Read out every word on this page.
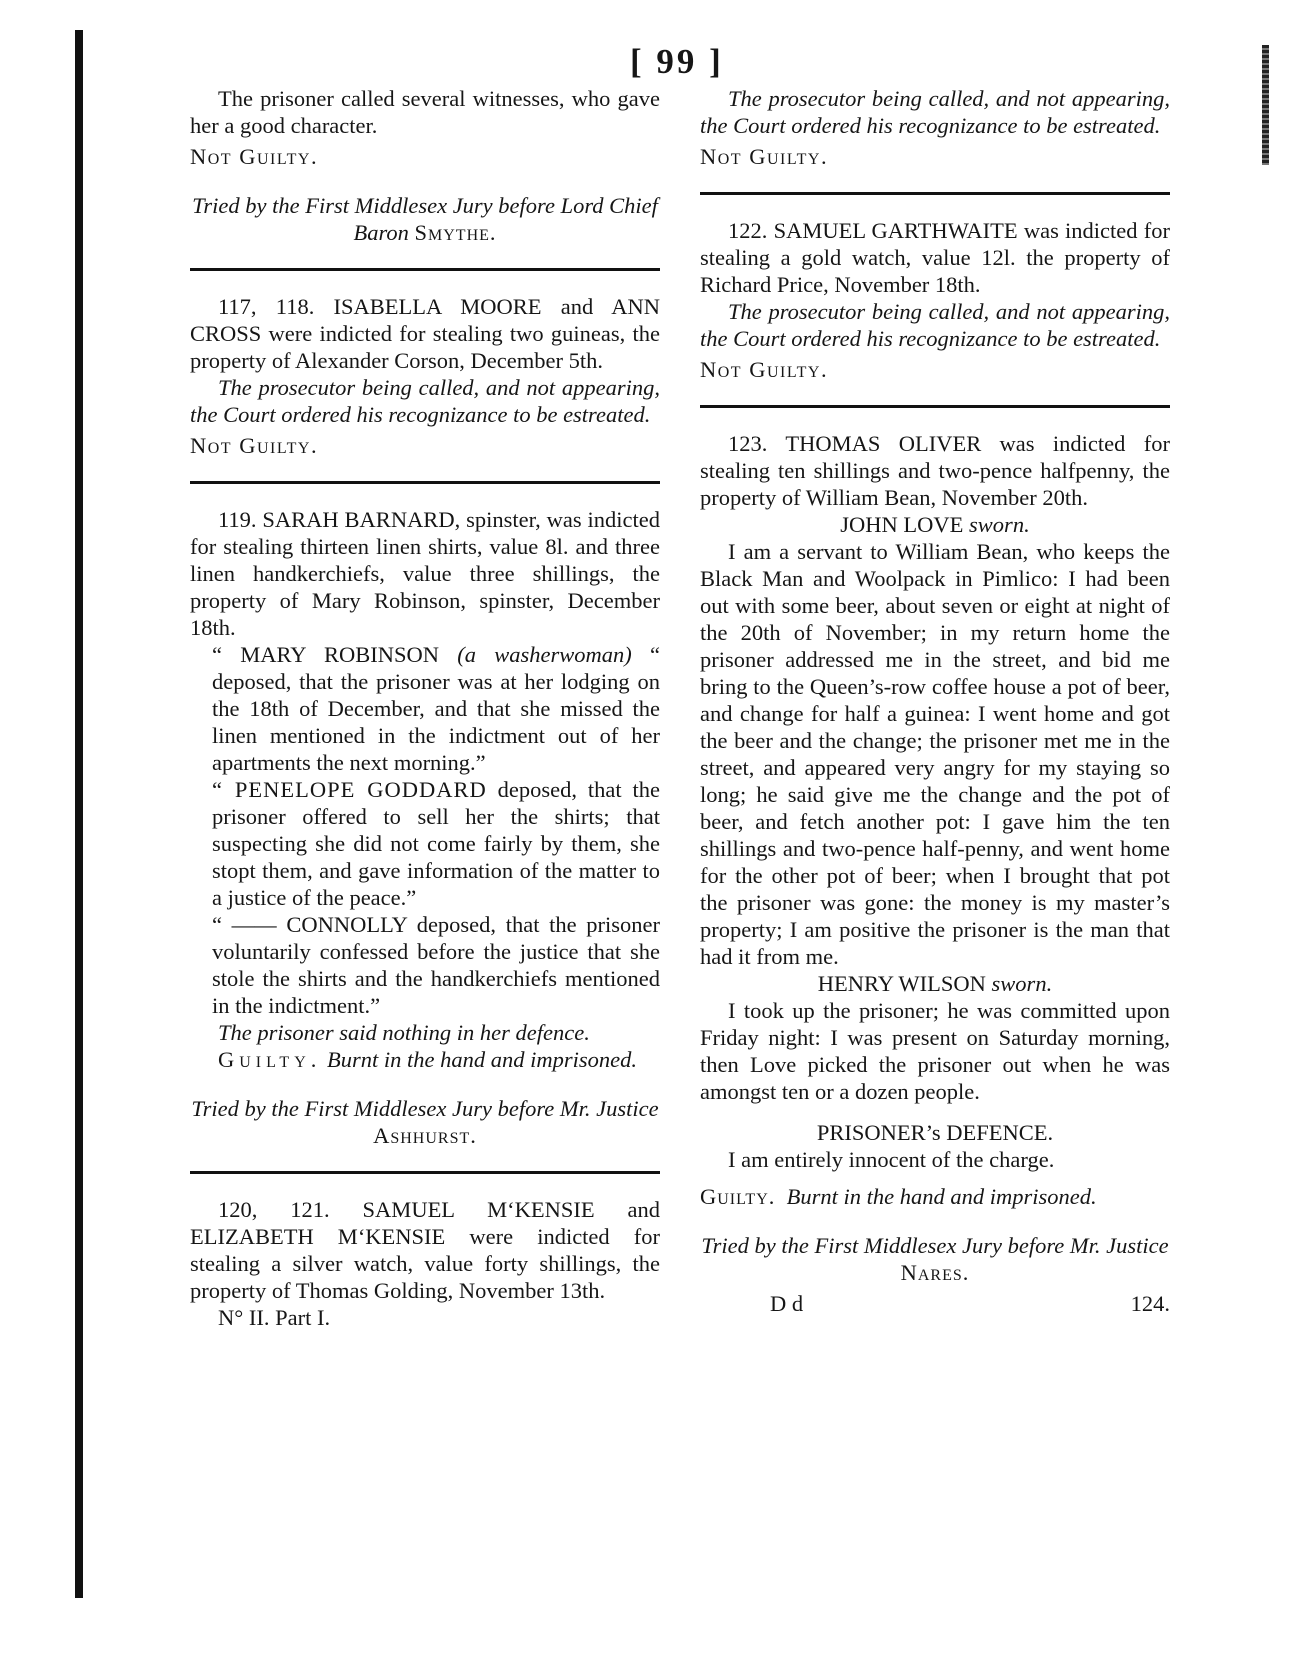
[ 99 ]

The prisoner called several witnesses, who gave her a good character.

Not Guilty.

Tried by the First Middlesex Jury before Lord Chief Baron Smythe.

117, 118. ISABELLA MOORE and ANN CROSS were indicted for stealing two guineas, the property of Alexander Corson, December 5th.

The prosecutor being called, and not appearing, the Court ordered his recognizance to be estreated.

Not Guilty.

119. SARAH BARNARD, spinster, was indicted for stealing thirteen linen shirts, value 8l. and three linen handkerchiefs, value three shillings, the property of Mary Robinson, spinster, December 18th.

“ MARY ROBINSON (a washerwoman) “ deposed, that the prisoner was at her lodging on the 18th of December, and that she missed the linen mentioned in the indictment out of her apartments the next morning.”

“ PENELOPE GODDARD deposed, that the prisoner offered to sell her the shirts; that suspecting she did not come fairly by them, she stopt them, and gave information of the matter to a justice of the peace.”

“ —— CONNOLLY deposed, that the prisoner voluntarily confessed before the justice that she stole the shirts and the handkerchiefs mentioned in the indictment.”

The prisoner said nothing in her defence.

Guilty. Burnt in the hand and imprisoned.

Tried by the First Middlesex Jury before Mr. Justice Ashhurst.

120, 121. SAMUEL M‘KENSIE and ELIZABETH M‘KENSIE were indicted for stealing a silver watch, value forty shillings, the property of Thomas Golding, November 13th.

N° II. Part I.

The prosecutor being called, and not appearing, the Court ordered his recognizance to be estreated.

Not Guilty.

122. SAMUEL GARTHWAITE was indicted for stealing a gold watch, value 12l. the property of Richard Price, November 18th.

The prosecutor being called, and not appearing, the Court ordered his recognizance to be estreated.

Not Guilty.

123. THOMAS OLIVER was indicted for stealing ten shillings and two-pence halfpenny, the property of William Bean, November 20th.

JOHN LOVE sworn.

I am a servant to William Bean, who keeps the Black Man and Woolpack in Pimlico: I had been out with some beer, about seven or eight at night of the 20th of November; in my return home the prisoner addressed me in the street, and bid me bring to the Queen’s-row coffee house a pot of beer, and change for half a guinea: I went home and got the beer and the change; the prisoner met me in the street, and appeared very angry for my staying so long; he said give me the change and the pot of beer, and fetch another pot: I gave him the ten shillings and two-pence half-penny, and went home for the other pot of beer; when I brought that pot the prisoner was gone: the money is my master’s property; I am positive the prisoner is the man that had it from me.

HENRY WILSON sworn.

I took up the prisoner; he was committed upon Friday night: I was present on Saturday morning, then Love picked the prisoner out when he was amongst ten or a dozen people.

PRISONER’s DEFENCE.

I am entirely innocent of the charge.

Guilty. Burnt in the hand and imprisoned.

Tried by the First Middlesex Jury before Mr. Justice Nares.

D d	124.
